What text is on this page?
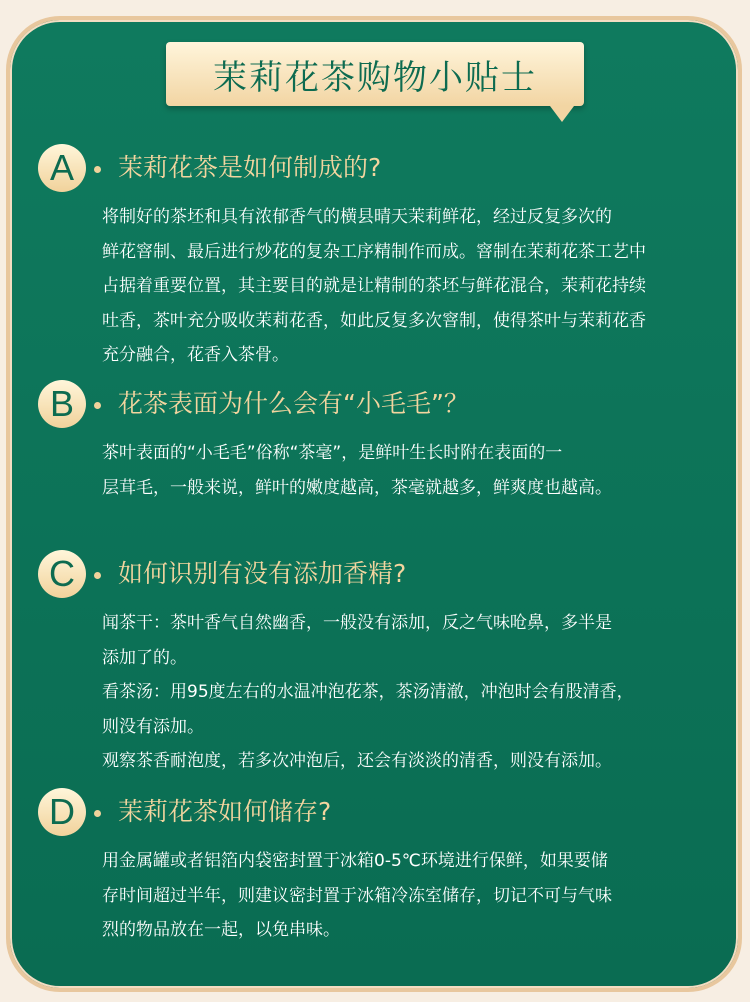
茉莉花茶购物小贴士
A	茉莉花茶是如何制成的?

将制好的茶坯和具有浓郁香气的横县晴天茉莉鲜花，经过反复多次的

鲜花窨制、最后进行炒花的复杂工序精制作而成。窨制在茉莉花茶工艺中

占据着重要位置，其主要目的就是让精制的茶坯与鲜花混合，茉莉花持续

吐香，茶叶充分吸收茉莉花香，如此反复多次窨制，使得茶叶与茉莉花香

充分融合，花香入茶骨。

B	花茶表面为什么会有“小毛毛”？

茶叶表面的“小毛毛”俗称“茶毫”，是鲜叶生长时附在表面的一

层茸毛，一般来说，鲜叶的嫩度越高，茶毫就越多，鲜爽度也越高。

C	如何识别有没有添加香精?

闻茶干：茶叶香气自然幽香，一般没有添加，反之气味呛鼻，多半是

添加了的。

看茶汤：用95度左右的水温冲泡花茶，茶汤清澈，冲泡时会有股清香，

则没有添加。

观察茶香耐泡度，若多次冲泡后，还会有淡淡的清香，则没有添加。

D	茉莉花茶如何储存?

用金属罐或者铝箔内袋密封置于冰箱0-5℃环境进行保鲜，如果要储

存时间超过半年，则建议密封置于冰箱冷冻室储存，切记不可与气味

烈的物品放在一起，以免串味。
